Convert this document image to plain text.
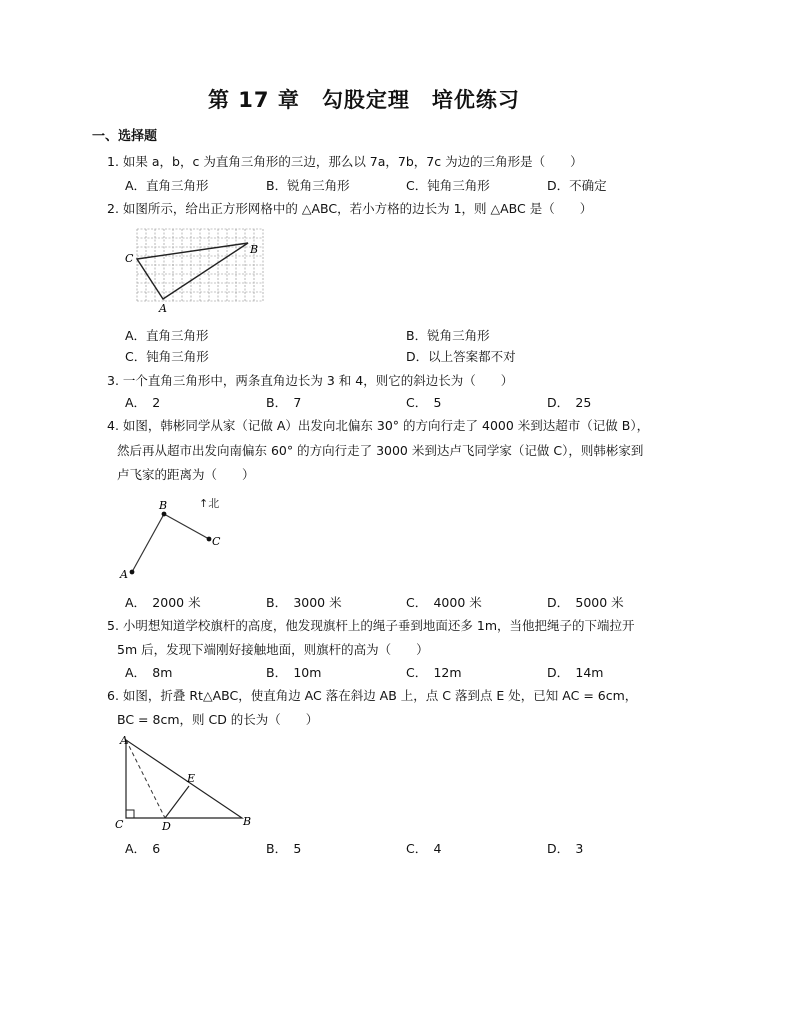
第 17 章　勾股定理　培优练习
一、选择题
1. 如果 a，b，c 为直角三角形的三边，那么以 7a，7b，7c 为边的三角形是（　　）
A．直角三角形	B．锐角三角形	C．钝角三角形	D．不确定
2. 如图所示，给出正方形网格中的 △ABC，若小方格的边长为 1，则 △ABC 是（　　）
C
B
A
A．直角三角形	B．锐角三角形
C．钝角三角形	D．以上答案都不对
3. 一个直角三角形中，两条直角边长为 3 和 4，则它的斜边长为（　　）
A．　2	B．　7	C．　5	D．　25
4. 如图，韩彬同学从家（记做 A）出发向北偏东 30° 的方向行走了 4000 米到达超市（记做 B），
然后再从超市出发向南偏东 60° 的方向行走了 3000 米到达卢飞同学家（记做 C），则韩彬家到
卢飞家的距离为（　　）
A
B
C
↑北
A．　2000 米	B．　3000 米	C．　4000 米	D．　5000 米
5. 小明想知道学校旗杆的高度，他发现旗杆上的绳子垂到地面还多 1m，当他把绳子的下端拉开
5m 后，发现下端刚好接触地面，则旗杆的高为（　　）
A．　8m	B．　10m	C．　12m	D．　14m
6. 如图，折叠 Rt△ABC，使直角边 AC 落在斜边 AB 上，点 C 落到点 E 处，已知 AC = 6cm，
BC = 8cm，则 CD 的长为（　　）
A
C	D
E
B
A．　6	B．　5	C．　4	D．　3
